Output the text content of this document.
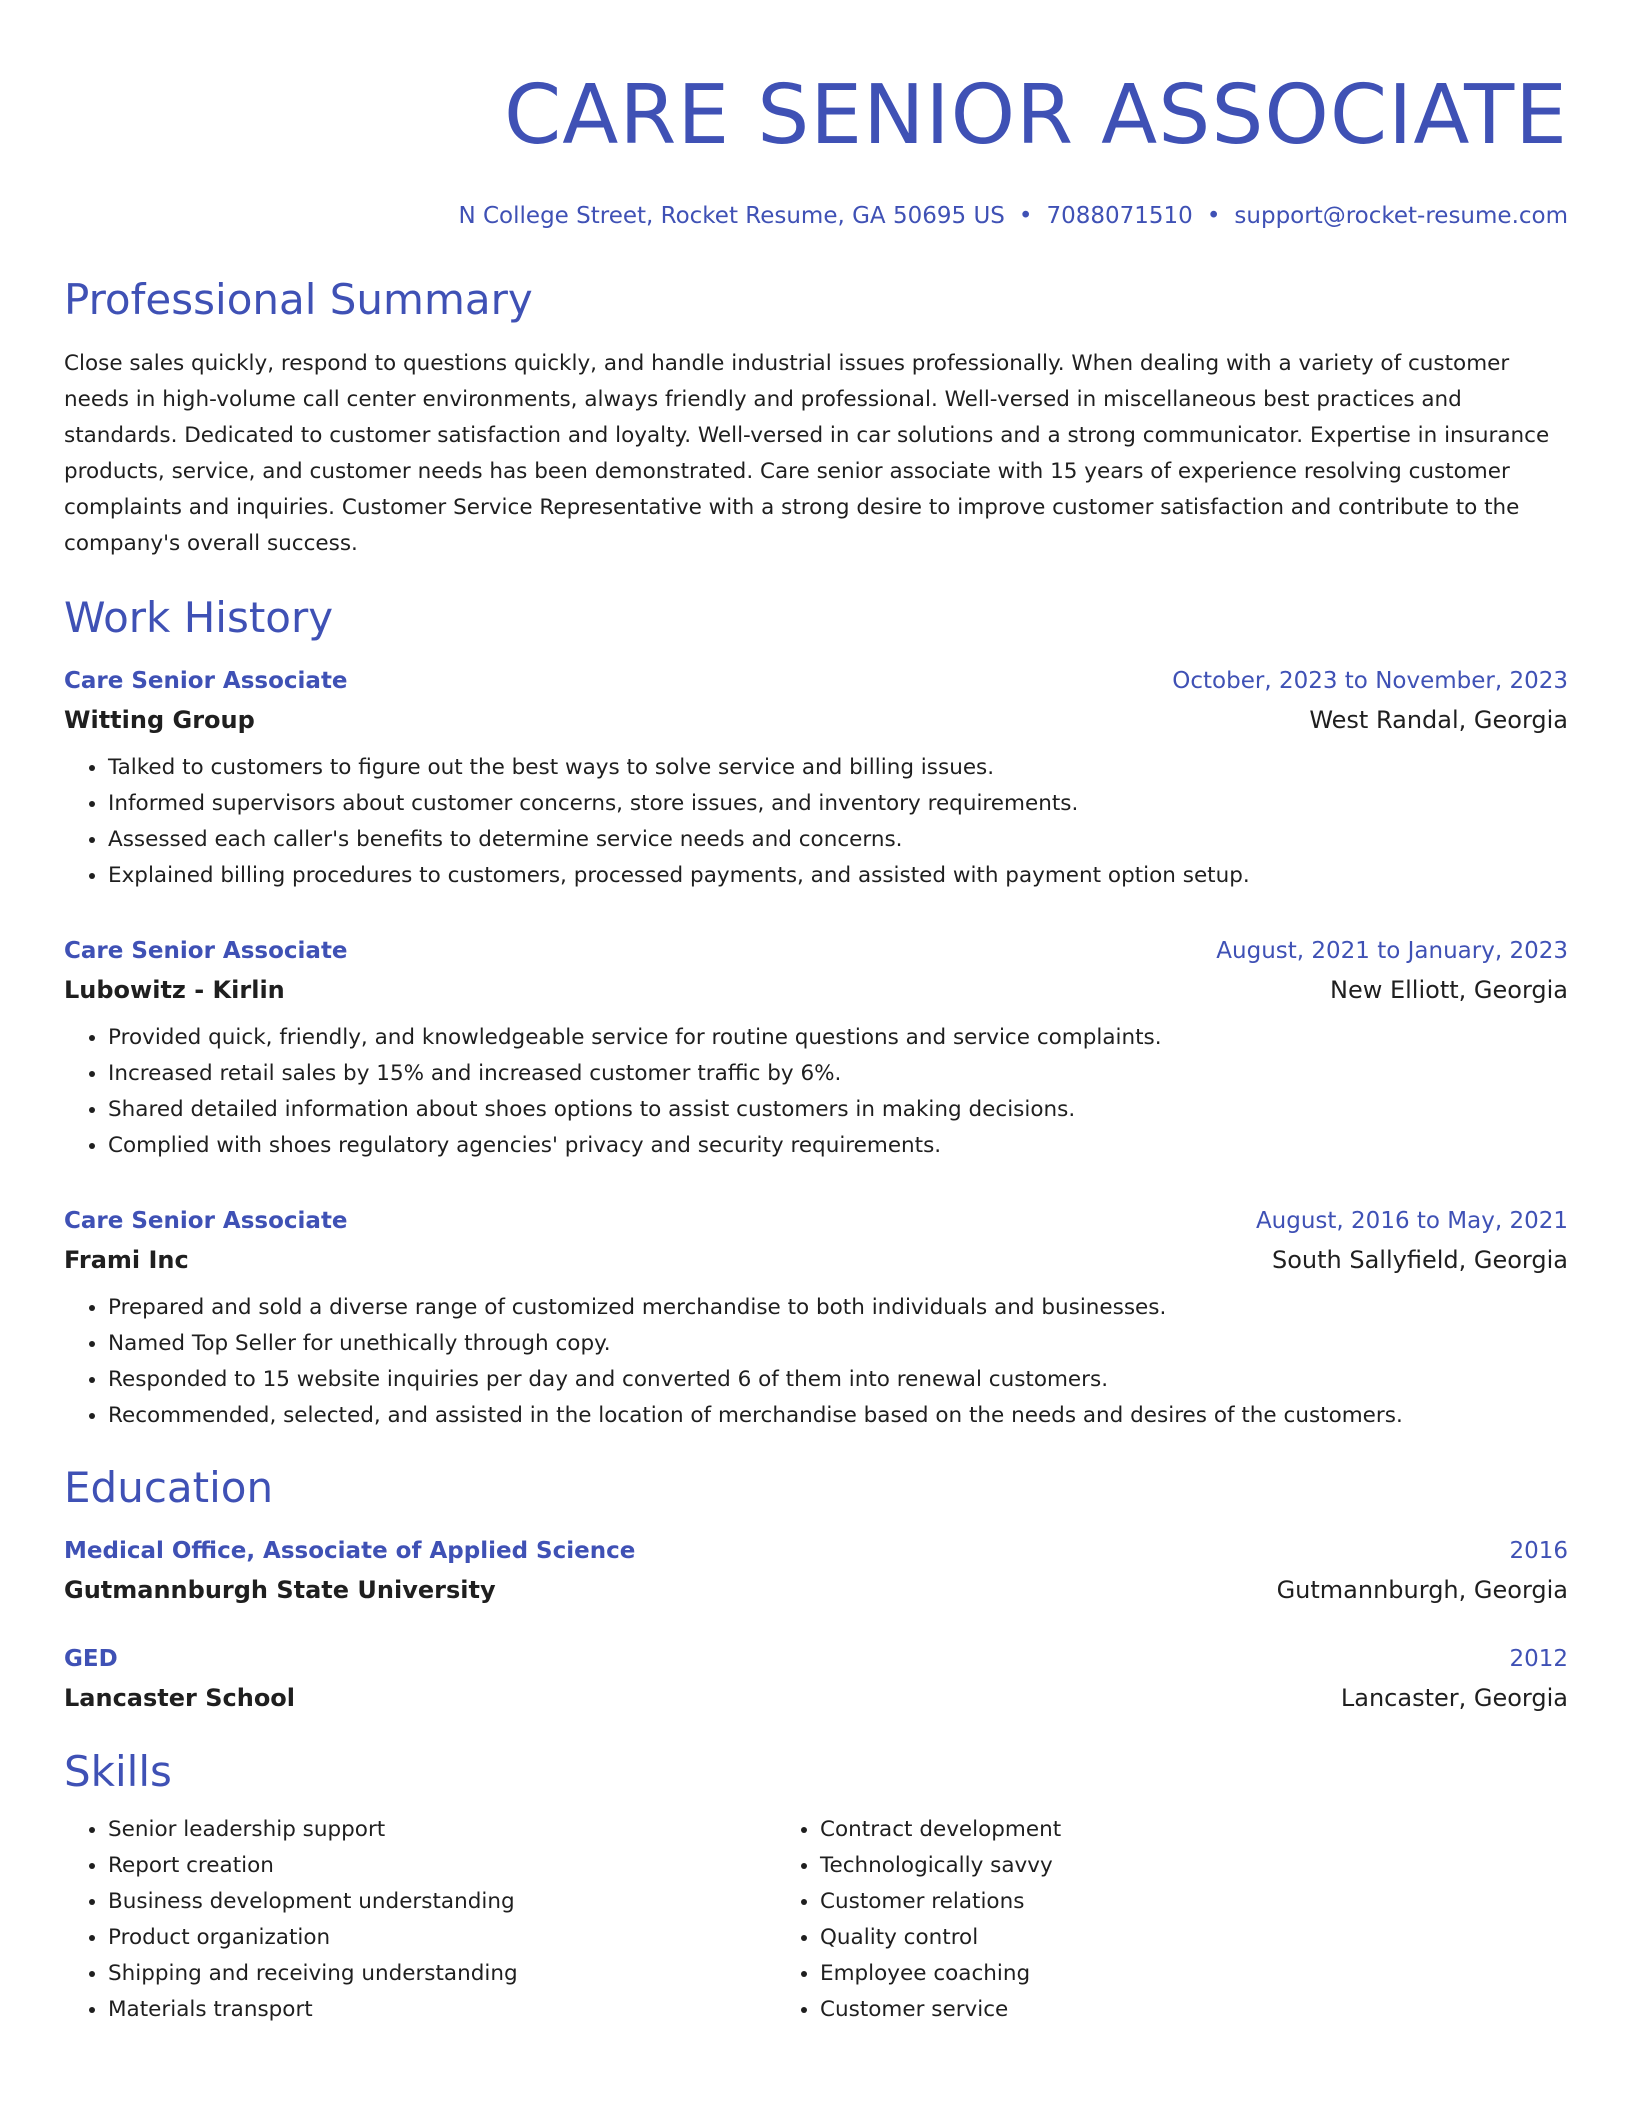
CARE SENIOR ASSOCIATE
N College Street, Rocket Resume, GA 50695 US • 7088071510 • support@rocket-resume.com
Professional Summary
Close sales quickly, respond to questions quickly, and handle industrial issues professionally. When dealing with a variety of customer needs in high-volume call center environments, always friendly and professional. Well-versed in miscellaneous best practices and standards. Dedicated to customer satisfaction and loyalty. Well-versed in car solutions and a strong communicator. Expertise in insurance products, service, and customer needs has been demonstrated. Care senior associate with 15 years of experience resolving customer complaints and inquiries. Customer Service Representative with a strong desire to improve customer satisfaction and contribute to the company's overall success.
Work History
Care Senior Associate	October, 2023 to November, 2023
Witting Group	West Randal, Georgia
• Talked to customers to figure out the best ways to solve service and billing issues.
• Informed supervisors about customer concerns, store issues, and inventory requirements.
• Assessed each caller's benefits to determine service needs and concerns.
• Explained billing procedures to customers, processed payments, and assisted with payment option setup.
Care Senior Associate	August, 2021 to January, 2023
Lubowitz - Kirlin	New Elliott, Georgia
• Provided quick, friendly, and knowledgeable service for routine questions and service complaints.
• Increased retail sales by 15% and increased customer traffic by 6%.
• Shared detailed information about shoes options to assist customers in making decisions.
• Complied with shoes regulatory agencies' privacy and security requirements.
Care Senior Associate	August, 2016 to May, 2021
Frami Inc	South Sallyfield, Georgia
• Prepared and sold a diverse range of customized merchandise to both individuals and businesses.
• Named Top Seller for unethically through copy.
• Responded to 15 website inquiries per day and converted 6 of them into renewal customers.
• Recommended, selected, and assisted in the location of merchandise based on the needs and desires of the customers.
Education
Medical Office, Associate of Applied Science	2016
Gutmannburgh State University	Gutmannburgh, Georgia
GED	2012
Lancaster School	Lancaster, Georgia
Skills
• Senior leadership support
• Report creation
• Business development understanding
• Product organization
• Shipping and receiving understanding
• Materials transport
• Contract development
• Technologically savvy
• Customer relations
• Quality control
• Employee coaching
• Customer service
